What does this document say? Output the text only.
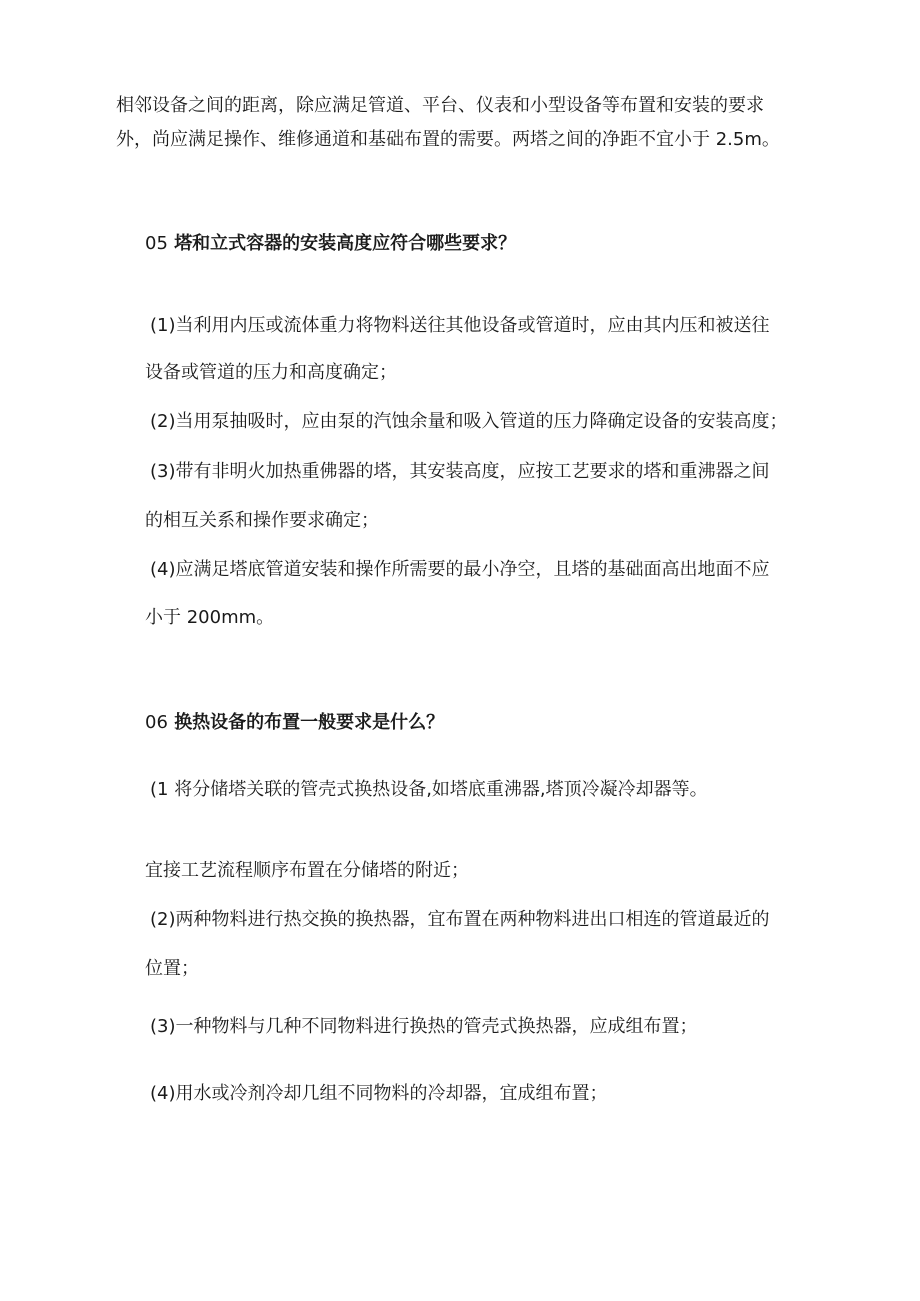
相邻设备之间的距离，除应满足管道、平台、仪表和小型设备等布置和安装的要求
外，尚应满足操作、维修通道和基础布置的需要。两塔之间的净距不宜小于 2.5m。
05 塔和立式容器的安装高度应符合哪些要求？
(1)当利用内压或流体重力将物料送往其他设备或管道时，应由其内压和被送往
设备或管道的压力和高度确定；
(2)当用泵抽吸时，应由泵的汽蚀余量和吸入管道的压力降确定设备的安装高度；
(3)带有非明火加热重佛器的塔，其安装高度，应按工艺要求的塔和重沸器之间
的相互关系和操作要求确定；
(4)应满足塔底管道安装和操作所需要的最小净空，且塔的基础面高出地面不应
小于 200mm。
06 换热设备的布置一般要求是什么？
(1 将分储塔关联的管壳式换热设备,如塔底重沸器,塔顶冷凝冷却器等。
宜接工艺流程顺序布置在分储塔的附近；
(2)两种物料进行热交换的换热器，宜布置在两种物料进出口相连的管道最近的
位置；
(3)一种物料与几种不同物料进行换热的管壳式换热器，应成组布置；
(4)用水或冷剂冷却几组不同物料的冷却器，宜成组布置；
